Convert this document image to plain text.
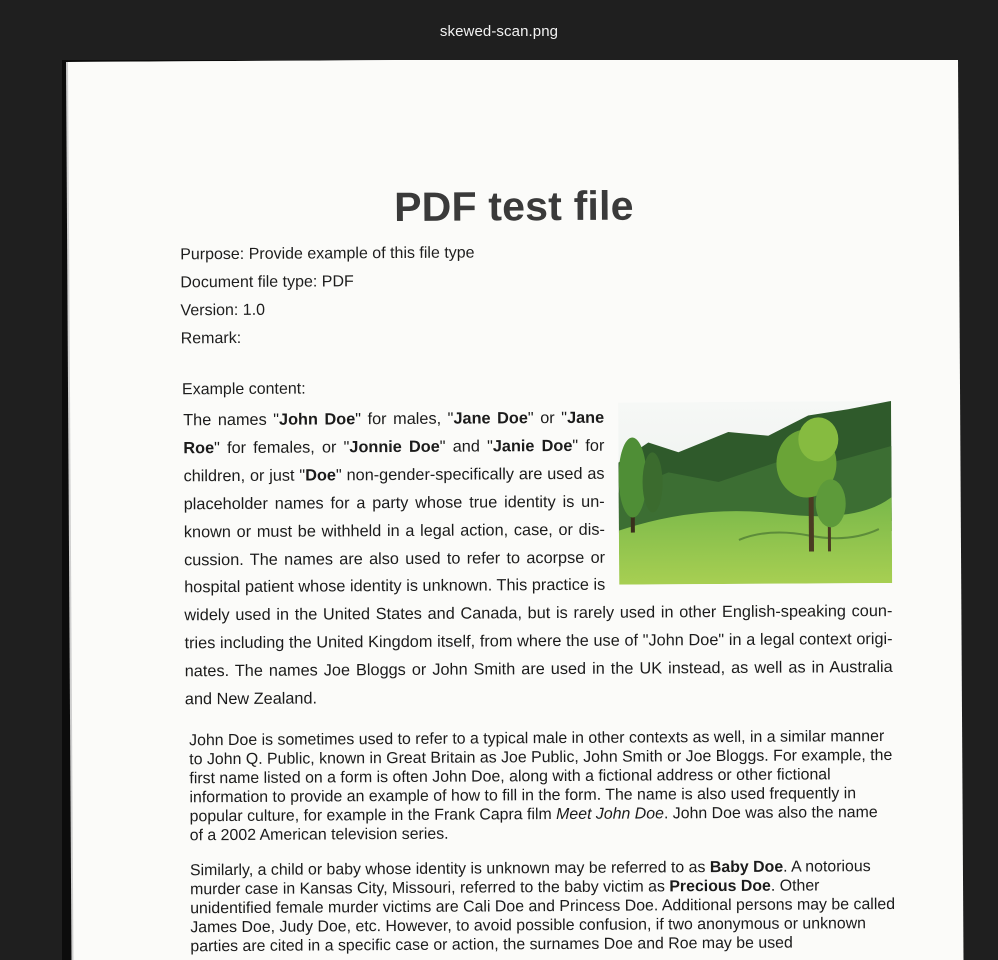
skewed-scan.png
PDF test file
Purpose: Provide example of this file type
Document file type: PDF
Version: 1.0
Remark:
Example content:
The names "John Doe" for males, "Jane Doe" or "Jane Roe" for females, or "Jonnie Doe" and "Janie Doe" for children, or just "Doe" non-gender-specifically are used as placeholder names for a party whose true identity is un-known or must be withheld in a legal action, case, or dis-cussion. The names are also used to refer to acorpse or hospital patient whose identity is unknown. This practice is widely used in the United States and Canada, but is rarely used in other English-speaking coun-tries including the United Kingdom itself, from where the use of "John Doe" in a legal context origi-nates. The names Joe Bloggs or John Smith are used in the UK instead, as well as in Australia and New Zealand.
John Doe is sometimes used to refer to a typical male in other contexts as well, in a similar manner to John Q. Public, known in Great Britain as Joe Public, John Smith or Joe Bloggs. For example, the first name listed on a form is often John Doe, along with a fictional address or other fictional information to provide an example of how to fill in the form. The name is also used frequently in popular culture, for example in the Frank Capra film Meet John Doe. John Doe was also the name of a 2002 American television series.
Similarly, a child or baby whose identity is unknown may be referred to as Baby Doe. A notorious murder case in Kansas City, Missouri, referred to the baby victim as Precious Doe. Other unidentified female murder victims are Cali Doe and Princess Doe. Additional persons may be called James Doe, Judy Doe, etc. However, to avoid possible confusion, if two anonymous or unknown parties are cited in a specific case or action, the surnames Doe and Roe may be used
